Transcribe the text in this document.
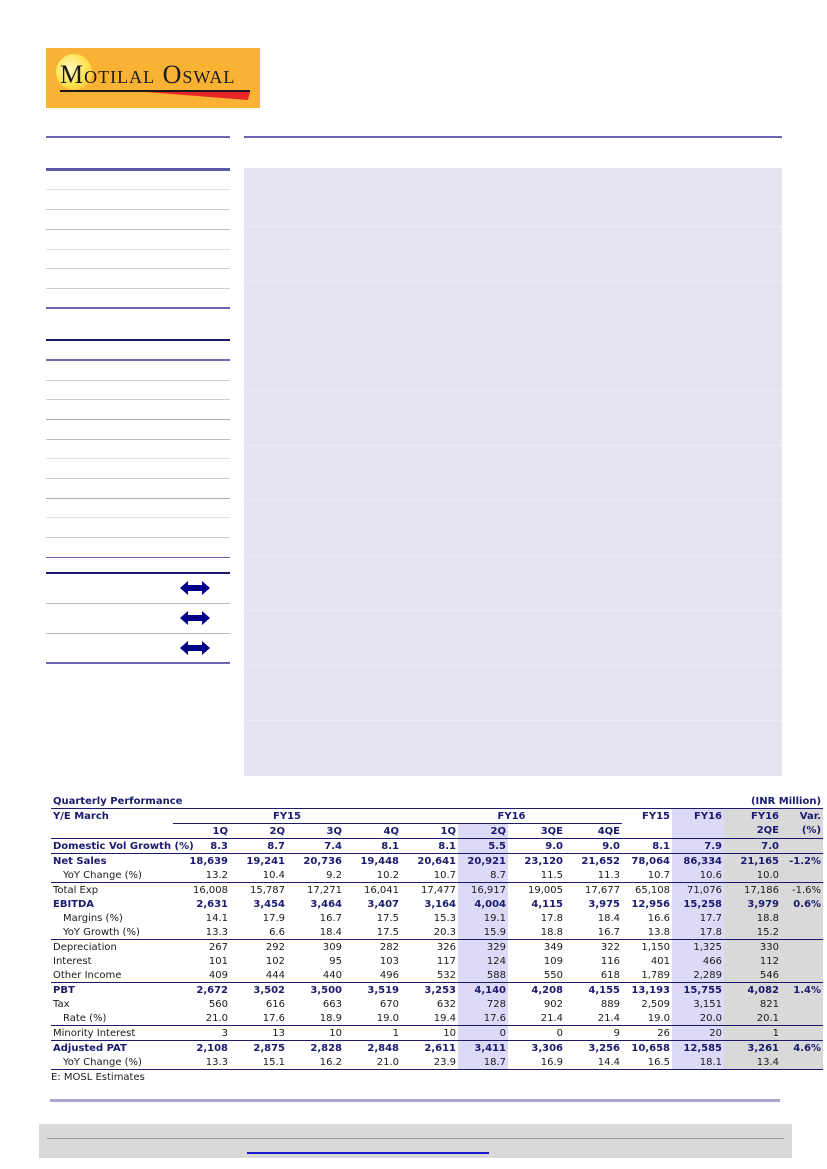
Motilal Oswal
Quarterly Performance										(INR Million)		
Y/E March	FY15				FY16				FY15	FY16	FY16	Var.
	1Q	2Q	3Q	4Q	1Q	2Q	3QE	4QE			2QE	(%)
Domestic Vol Growth (%)	8.3	8.7	7.4	8.1	8.1	5.5	9.0	9.0	8.1	7.9	7.0	
Net Sales	18,639	19,241	20,736	19,448	20,641	20,921	23,120	21,652	78,064	86,334	21,165	-1.2%
YoY Change (%)	13.2	10.4	9.2	10.2	10.7	8.7	11.5	11.3	10.7	10.6	10.0	
Total Exp	16,008	15,787	17,271	16,041	17,477	16,917	19,005	17,677	65,108	71,076	17,186	-1.6%
EBITDA	2,631	3,454	3,464	3,407	3,164	4,004	4,115	3,975	12,956	15,258	3,979	0.6%
Margins (%)	14.1	17.9	16.7	17.5	15.3	19.1	17.8	18.4	16.6	17.7	18.8	
YoY Growth (%)	13.3	6.6	18.4	17.5	20.3	15.9	18.8	16.7	13.8	17.8	15.2	
Depreciation	267	292	309	282	326	329	349	322	1,150	1,325	330	
Interest	101	102	95	103	117	124	109	116	401	466	112	
Other Income	409	444	440	496	532	588	550	618	1,789	2,289	546	
PBT	2,672	3,502	3,500	3,519	3,253	4,140	4,208	4,155	13,193	15,755	4,082	1.4%
Tax	560	616	663	670	632	728	902	889	2,509	3,151	821	
Rate (%)	21.0	17.6	18.9	19.0	19.4	17.6	21.4	21.4	19.0	20.0	20.1	
Minority Interest	3	13	10	1	10	0	0	9	26	20	1	
Adjusted PAT	2,108	2,875	2,828	2,848	2,611	3,411	3,306	3,256	10,658	12,585	3,261	4.6%
YoY Change (%)	13.3	15.1	16.2	21.0	23.9	18.7	16.9	14.4	16.5	18.1	13.4	
E: MOSL Estimates
